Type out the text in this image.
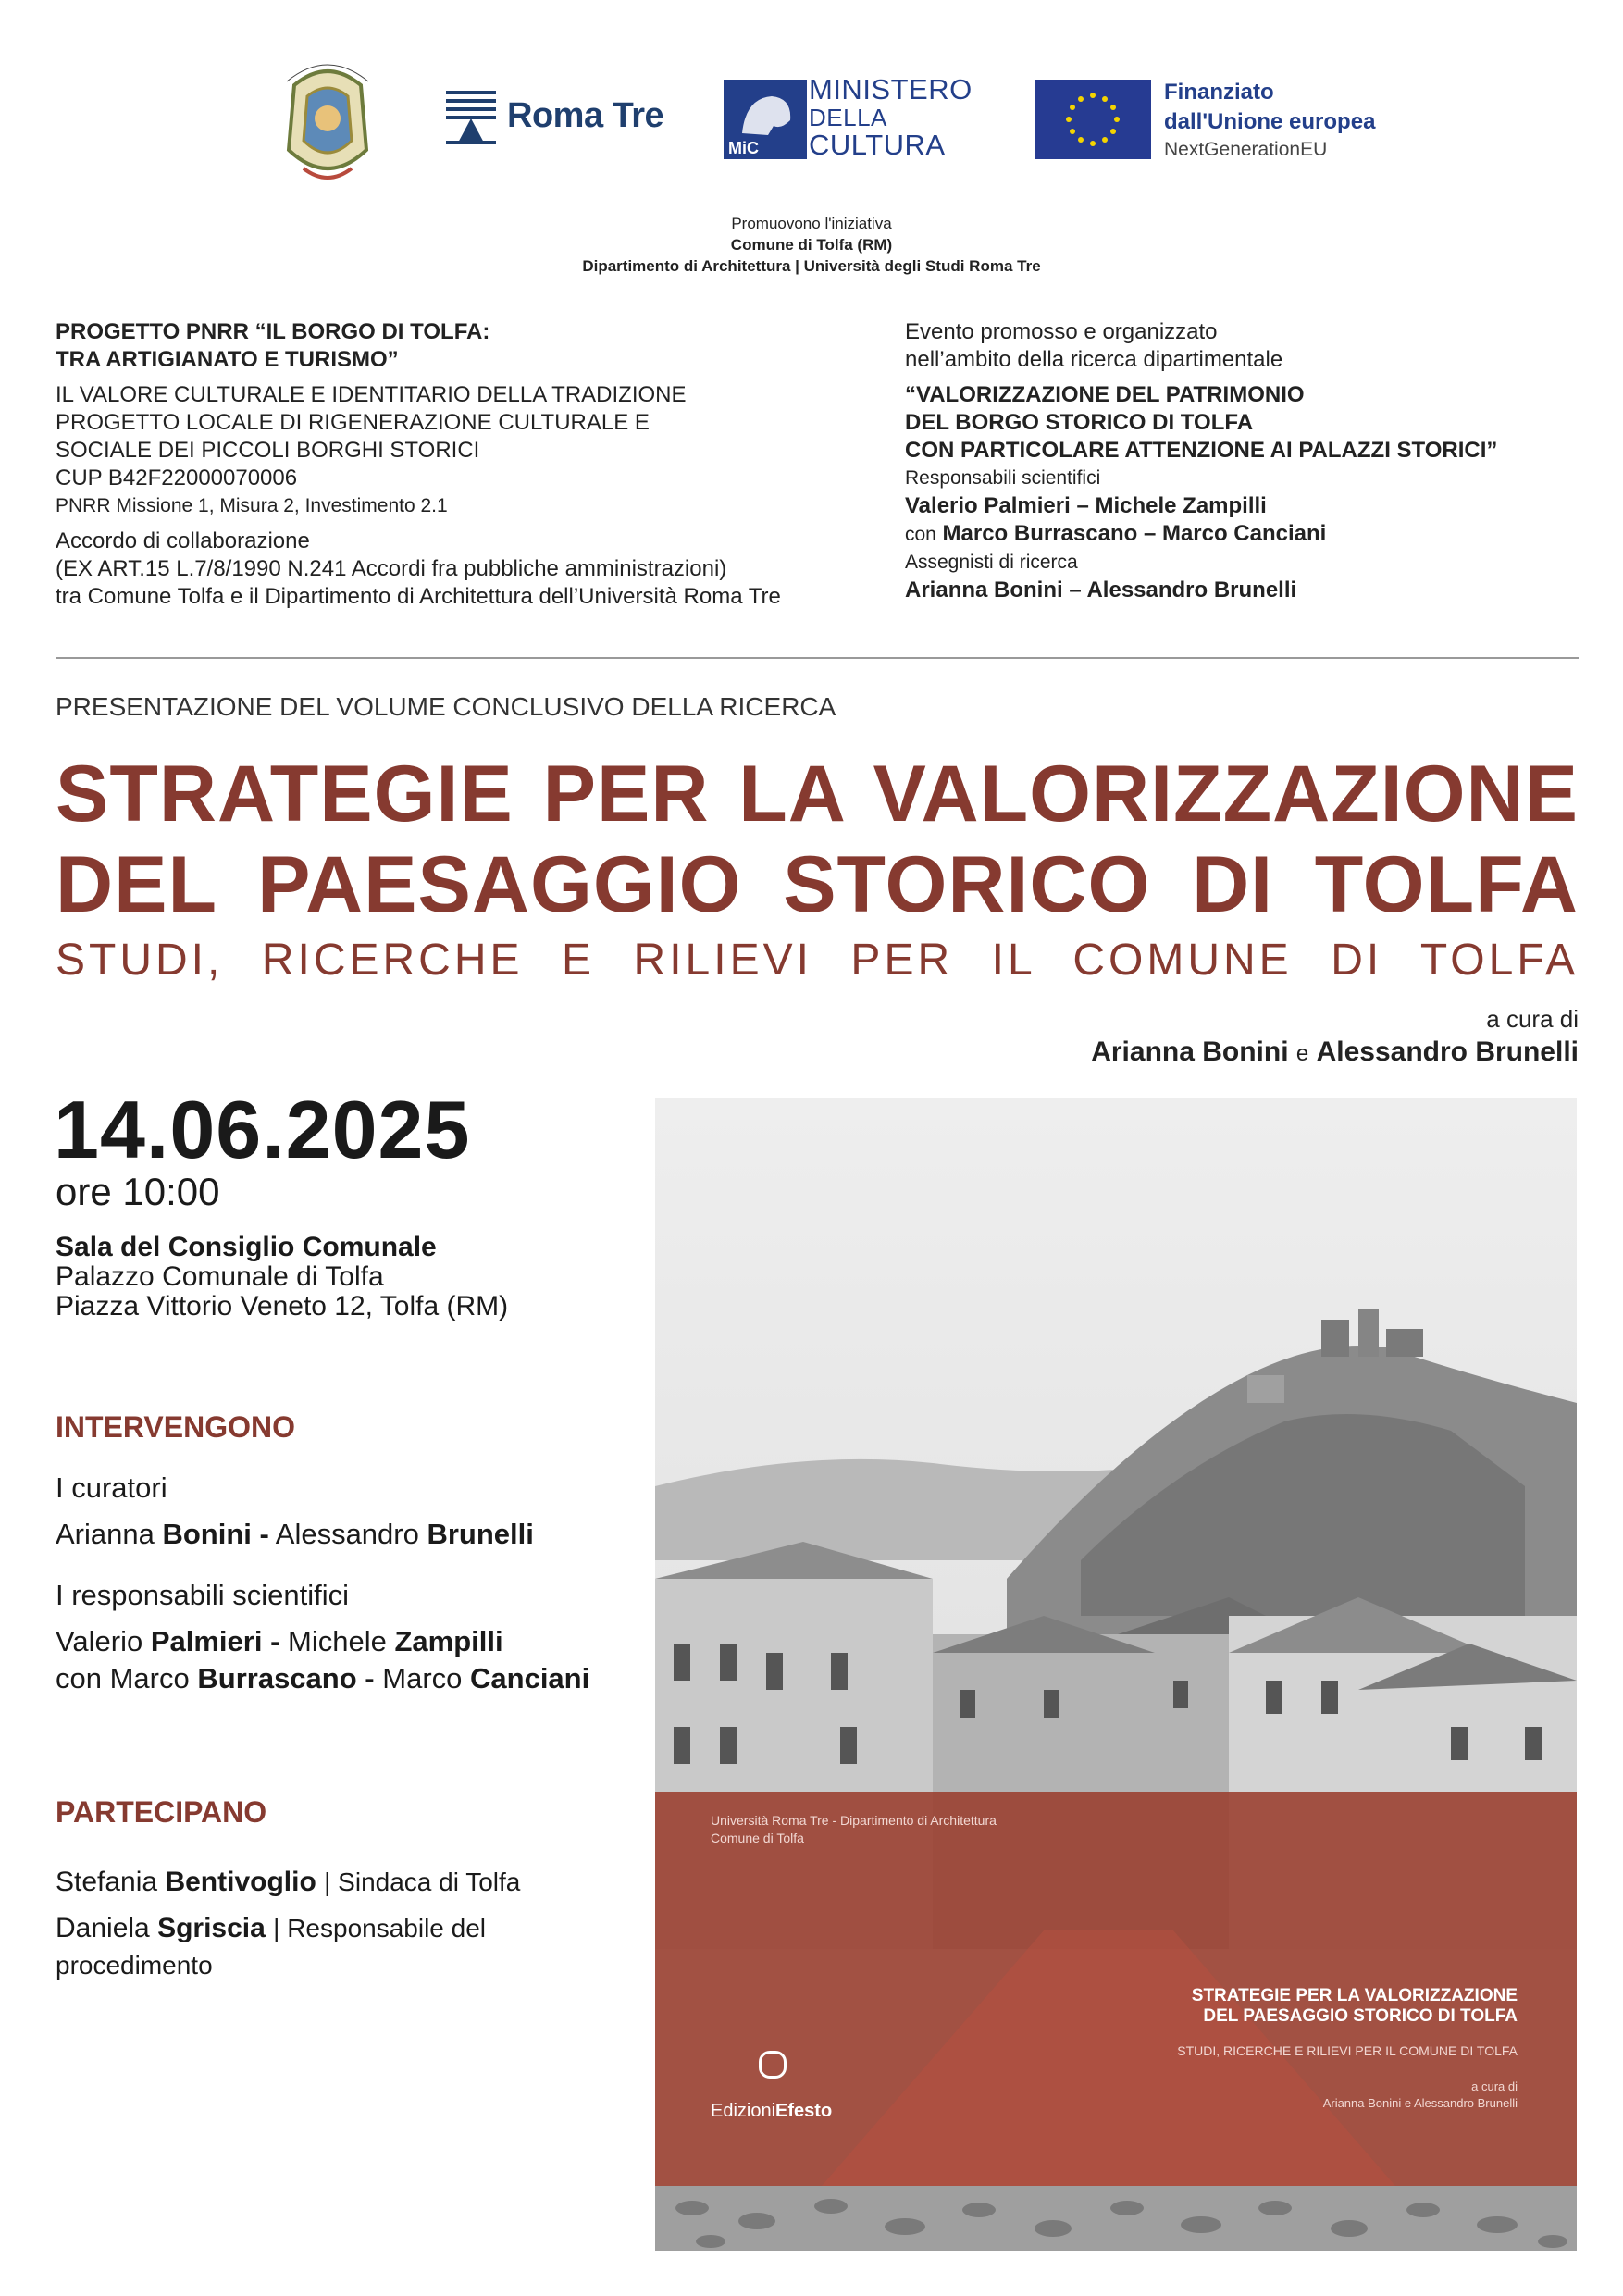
Roma Tre
MiC
MINISTERO
DELLA
CULTURA
Finanziato
dall'Unione europea
NextGenerationEU
Promuovono l'iniziativa
Comune di Tolfa (RM)
Dipartimento di Architettura | Università degli Studi Roma Tre
PROGETTO PNRR “IL BORGO DI TOLFA:
TRA ARTIGIANATO E TURISMO”
IL VALORE CULTURALE E IDENTITARIO DELLA TRADIZIONE
PROGETTO LOCALE DI RIGENERAZIONE CULTURALE E
SOCIALE DEI PICCOLI BORGHI STORICI
CUP B42F22000070006
PNRR Missione 1, Misura 2, Investimento 2.1
Accordo di collaborazione
(EX ART.15 L.7/8/1990 N.241 Accordi fra pubbliche amministrazioni)
tra Comune Tolfa e il Dipartimento di Architettura dell’Università Roma Tre
Evento promosso e organizzato
nell’ambito della ricerca dipartimentale
“VALORIZZAZIONE DEL PATRIMONIO
DEL BORGO STORICO DI TOLFA
CON PARTICOLARE ATTENZIONE AI PALAZZI STORICI”
Responsabili scientifici
Valerio Palmieri – Michele Zampilli
con Marco Burrascano – Marco Canciani
Assegnisti di ricerca
Arianna Bonini – Alessandro Brunelli
PRESENTAZIONE DEL VOLUME CONCLUSIVO DELLA RICERCA
STRATEGIE PER LA VALORIZZAZIONE
DEL PAESAGGIO STORICO DI TOLFA
STUDI, RICERCHE E RILIEVI PER IL COMUNE DI TOLFA
a cura di
Arianna Bonini e Alessandro Brunelli
14.06.2025
ore 10:00
Sala del Consiglio Comunale
Palazzo Comunale di Tolfa
Piazza Vittorio Veneto 12, Tolfa (RM)
INTERVENGONO
I curatori
Arianna Bonini - Alessandro Brunelli
I responsabili scientifici
Valerio Palmieri - Michele Zampilli
con Marco Burrascano - Marco Canciani
PARTECIPANO
Stefania Bentivoglio | Sindaca di Tolfa
Daniela Sgriscia | Responsabile del
procedimento
Università Roma Tre - Dipartimento di Architettura
Comune di Tolfa
STRATEGIE PER LA VALORIZZAZIONE
DEL PAESAGGIO STORICO DI TOLFA
STUDI, RICERCHE E RILIEVI PER IL COMUNE DI TOLFA
a cura di
Arianna Bonini e Alessandro Brunelli
EdizioniEfesto
